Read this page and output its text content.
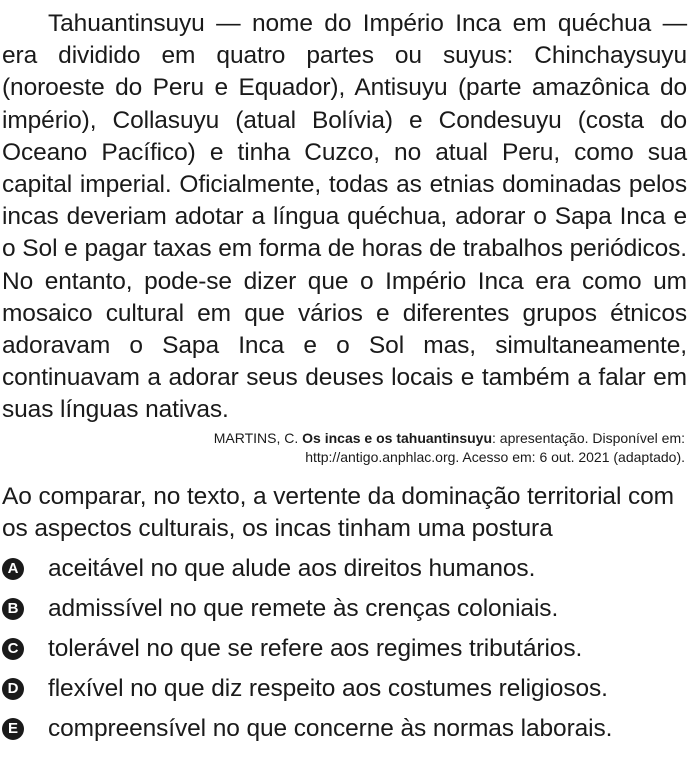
Tahuantinsuyu — nome do Império Inca em quéchua — era dividido em quatro partes ou suyus: Chinchaysuyu (noroeste do Peru e Equador), Antisuyu (parte amazônica do império), Collasuyu (atual Bolívia) e Condesuyu (costa do Oceano Pacífico) e tinha Cuzco, no atual Peru, como sua capital imperial. Oficialmente, todas as etnias dominadas pelos incas deveriam adotar a língua quéchua, adorar o Sapa Inca e o Sol e pagar taxas em forma de horas de trabalhos periódicos. No entanto, pode-se dizer que o Império Inca era como um mosaico cultural em que vários e diferentes grupos étnicos adoravam o Sapa Inca e o Sol mas, simultaneamente, continuavam a adorar seus deuses locais e também a falar em suas línguas nativas.

MARTINS, C. Os incas e os tahuantinsuyu: apresentação. Disponível em:
http://antigo.anphlac.org. Acesso em: 6 out. 2021 (adaptado).

Ao comparar, no texto, a vertente da dominação territorial com os aspectos culturais, os incas tinham uma postura

A aceitável no que alude aos direitos humanos.
B admissível no que remete às crenças coloniais.
C tolerável no que se refere aos regimes tributários.
D flexível no que diz respeito aos costumes religiosos.
E compreensível no que concerne às normas laborais.
